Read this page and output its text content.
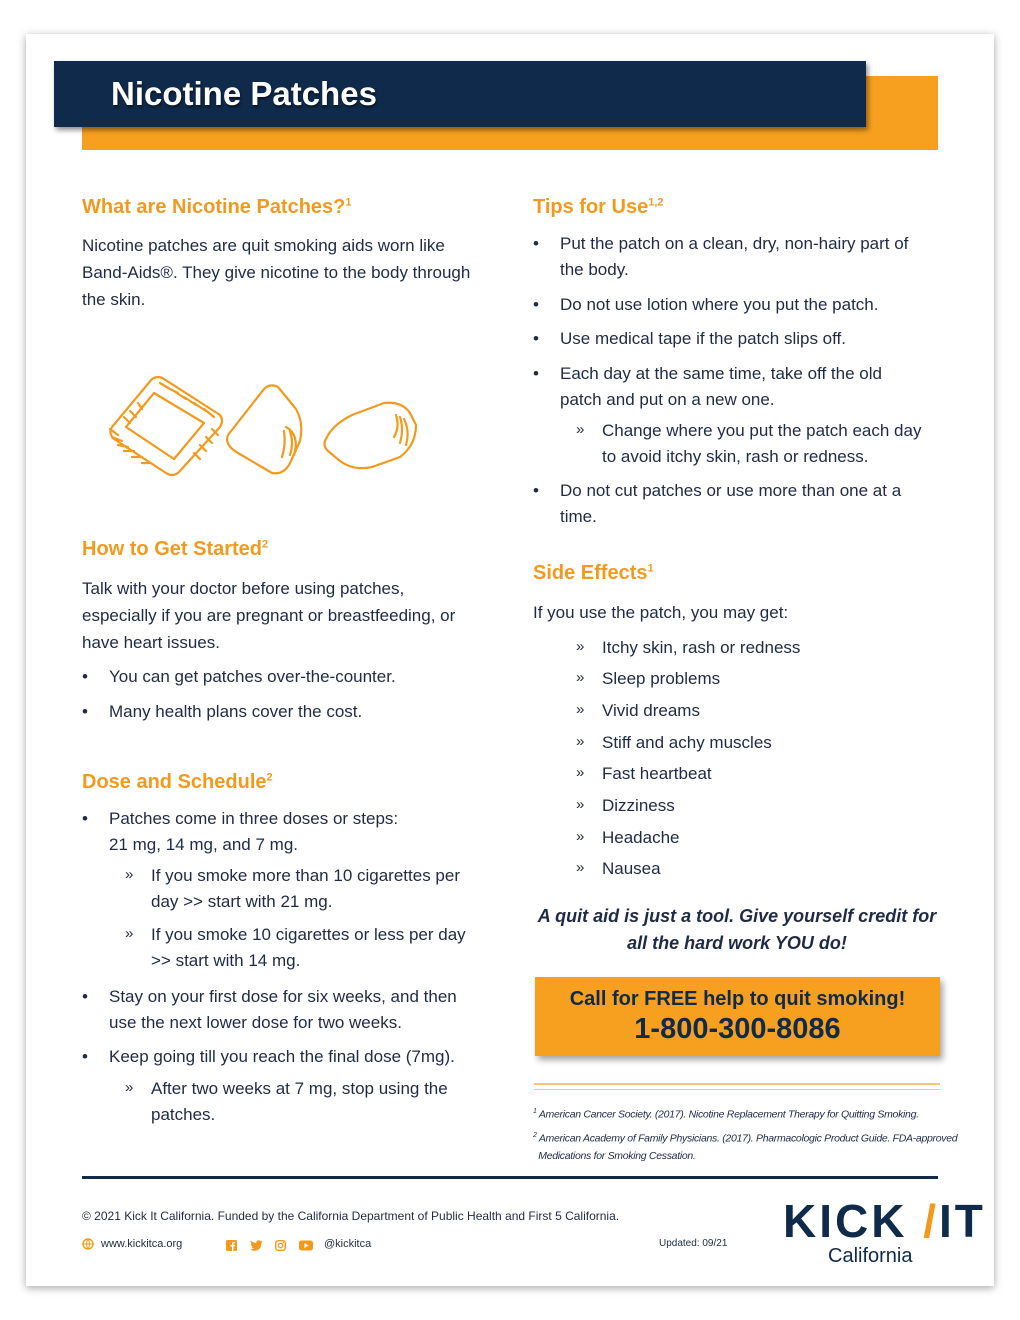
Nicotine Patches
What are Nicotine Patches?$^1$

Nicotine patches are quit smoking aids worn like
Band-Aids®. They give nicotine to the body through
the skin.

How to Get Started$^2$

Talk with your doctor before using patches,
especially if you are pregnant or breastfeeding, or
have heart issues.

• You can get patches over-the-counter.
• Many health plans cover the cost.
Dose and Schedule$^2$
• Patches come in three doses or steps:
21 mg, 14 mg, and 7 mg.
» If you smoke more than 10 cigarettes per
day >> start with 21 mg.
» If you smoke 10 cigarettes or less per day
>> start with 14 mg.
• Stay on your first dose for six weeks, and then
use the next lower dose for two weeks.
• Keep going till you reach the final dose (7mg).
» After two weeks at 7 mg, stop using the
patches.
Tips for Use$^{1,2}$
• Put the patch on a clean, dry, non-hairy part of
the body.
• Do not use lotion where you put the patch.
• Use medical tape if the patch slips off.
• Each day at the same time, take off the old
patch and put on a new one.
» Change where you put the patch each day
to avoid itchy skin, rash or redness.
• Do not cut patches or use more than one at a
time.
Side Effects$^1$

If you use the patch, you may get:

» Itchy skin, rash or redness
» Sleep problems
» Vivid dreams
» Stiff and achy muscles
» Fast heartbeat
» Dizziness
» Headache
» Nausea
A quit aid is just a tool. Give yourself credit for
all the hard work YOU do!
Call for FREE help to quit smoking!
1-800-300-8086
$^1$ American Cancer Society. (2017). Nicotine Replacement Therapy for Quitting Smoking.
$^2$ American Academy of Family Physicians. (2017). Pharmacologic Product Guide. FDA-approved
Medications for Smoking Cessation.
© 2021 Kick It California. Funded by the California Department of Public Health and First 5 California.
www.kickitca.org	@kickitca	Updated: 09/21 KICK /IT
California
